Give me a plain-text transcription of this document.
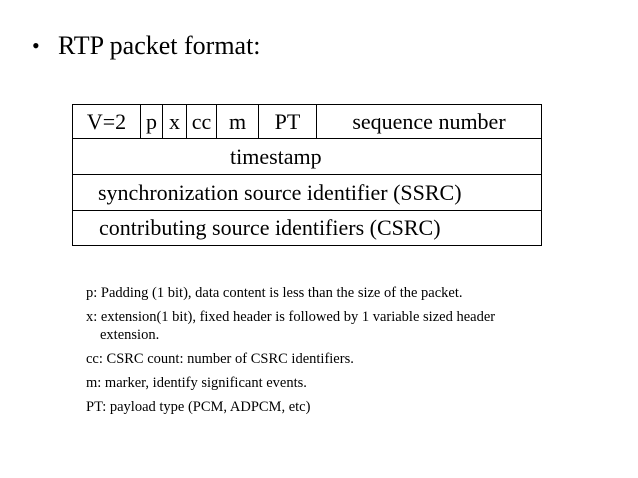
• RTP packet format:
V=2 p x cc m	PT	sequence number
timestamp
synchronization source identifier (SSRC)
contributing source identifiers (CSRC)
p: Padding (1 bit), data content is less than the size of the packet.
x: extension(1 bit), fixed header is followed by 1 variable sized header extension.
cc: CSRC count: number of CSRC identifiers.
m: marker, identify significant events.
PT: payload type (PCM, ADPCM, etc)
